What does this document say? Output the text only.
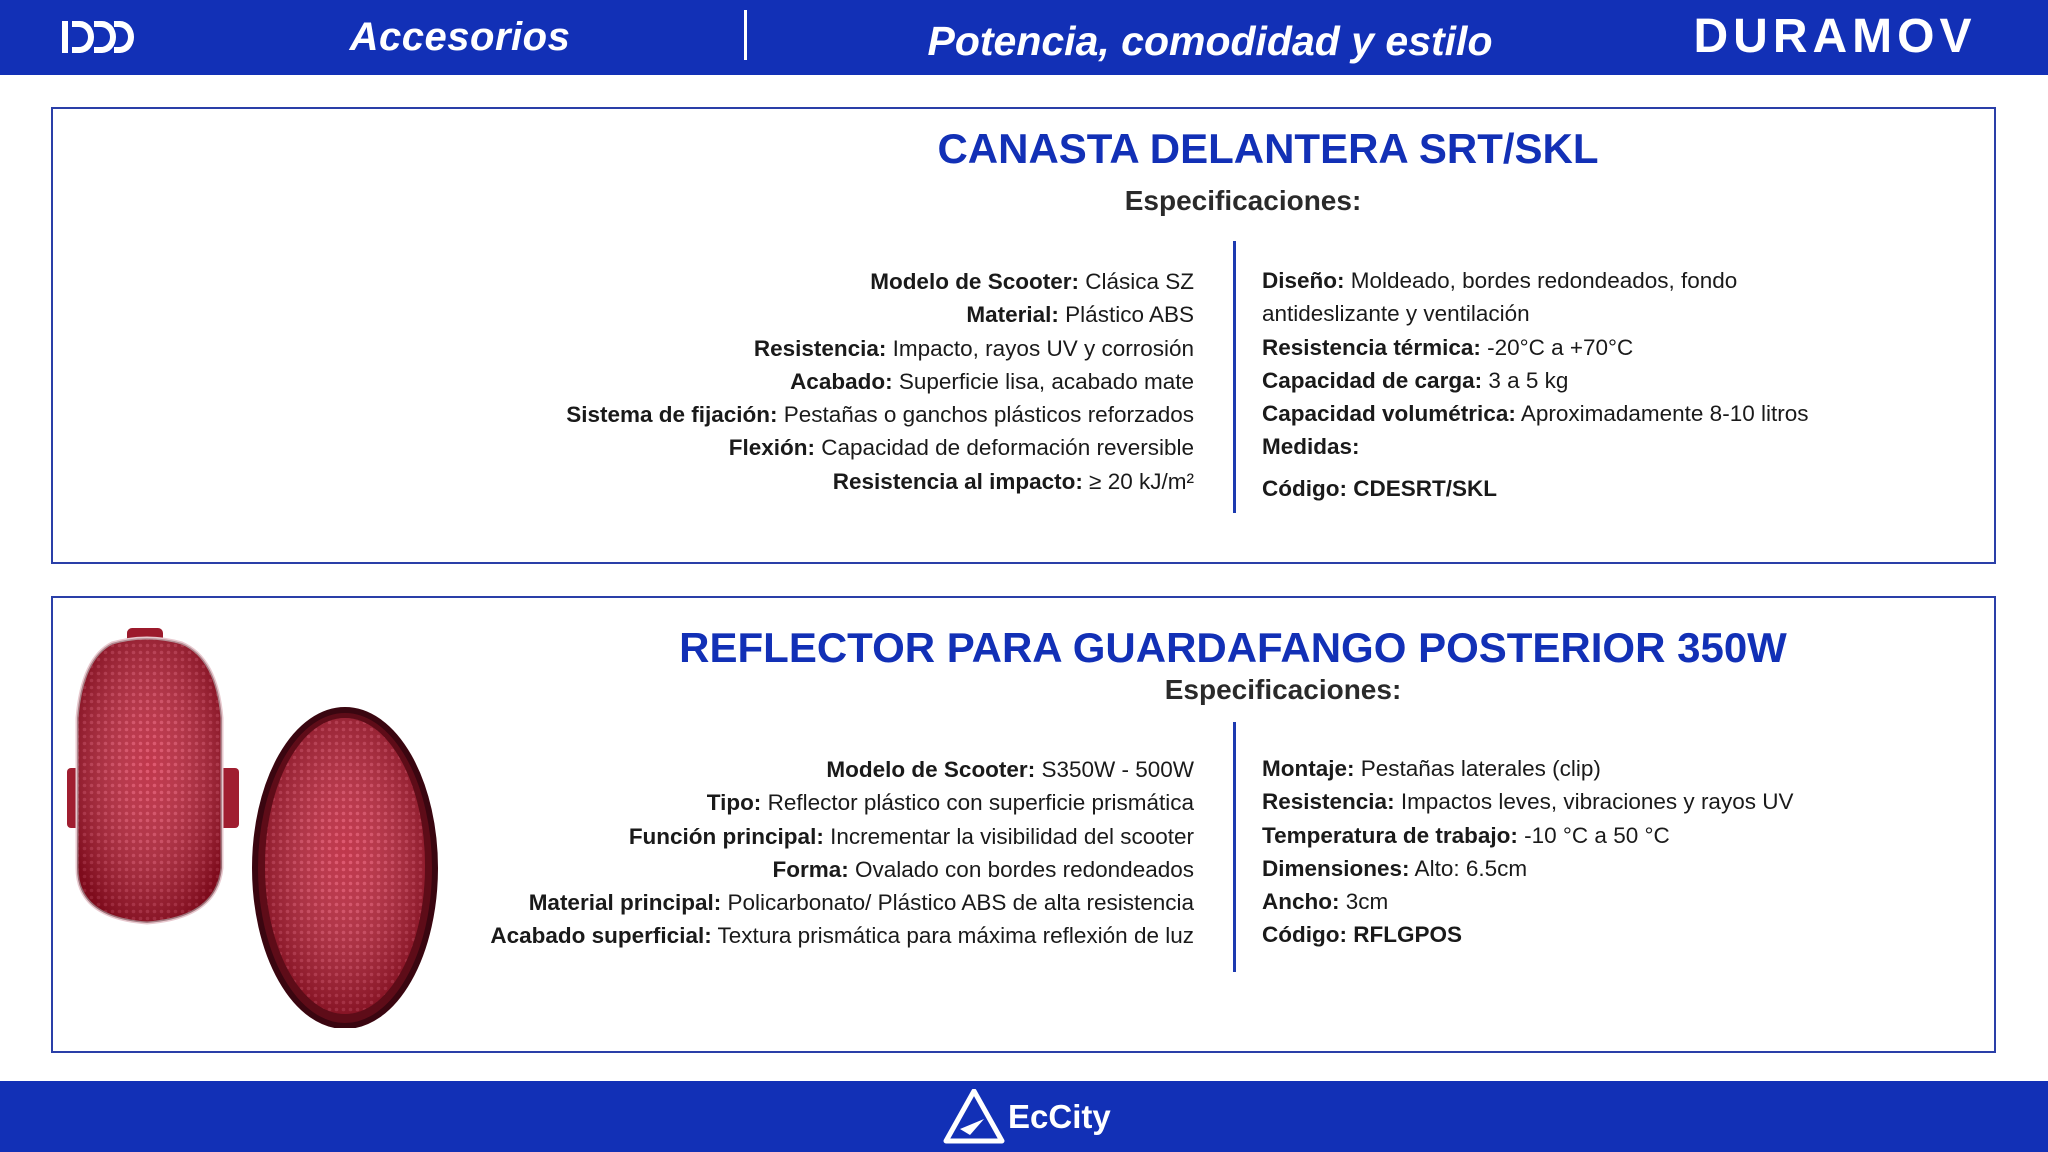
Accesorios	Potencia, comodidad y estilo	DURAMOV
CANASTA DELANTERA SRT/SKL
Especificaciones:
Modelo de Scooter: Clásica SZ
Material: Plástico ABS
Resistencia: Impacto, rayos UV y corrosión
Acabado: Superficie lisa, acabado mate
Sistema de fijación: Pestañas o ganchos plásticos reforzados
Flexión: Capacidad de deformación reversible
Resistencia al impacto: ≥ 20 kJ/m²
Diseño: Moldeado, bordes redondeados, fondo
antideslizante y ventilación
Resistencia térmica: -20°C a +70°C
Capacidad de carga: 3 a 5 kg
Capacidad volumétrica: Aproximadamente 8-10 litros
Medidas:
Código: CDESRT/SKL
REFLECTOR PARA GUARDAFANGO POSTERIOR 350W
Especificaciones:
Modelo de Scooter: S350W - 500W
Tipo: Reflector plástico con superficie prismática
Función principal: Incrementar la visibilidad del scooter
Forma: Ovalado con bordes redondeados
Material principal: Policarbonato/ Plástico ABS de alta resistencia
Acabado superficial: Textura prismática para máxima reflexión de luz
Montaje: Pestañas laterales (clip)
Resistencia: Impactos leves, vibraciones y rayos UV
Temperatura de trabajo: -10 °C a 50 °C
Dimensiones: Alto: 6.5cm
Ancho: 3cm
Código: RFLGPOS
EcCity
